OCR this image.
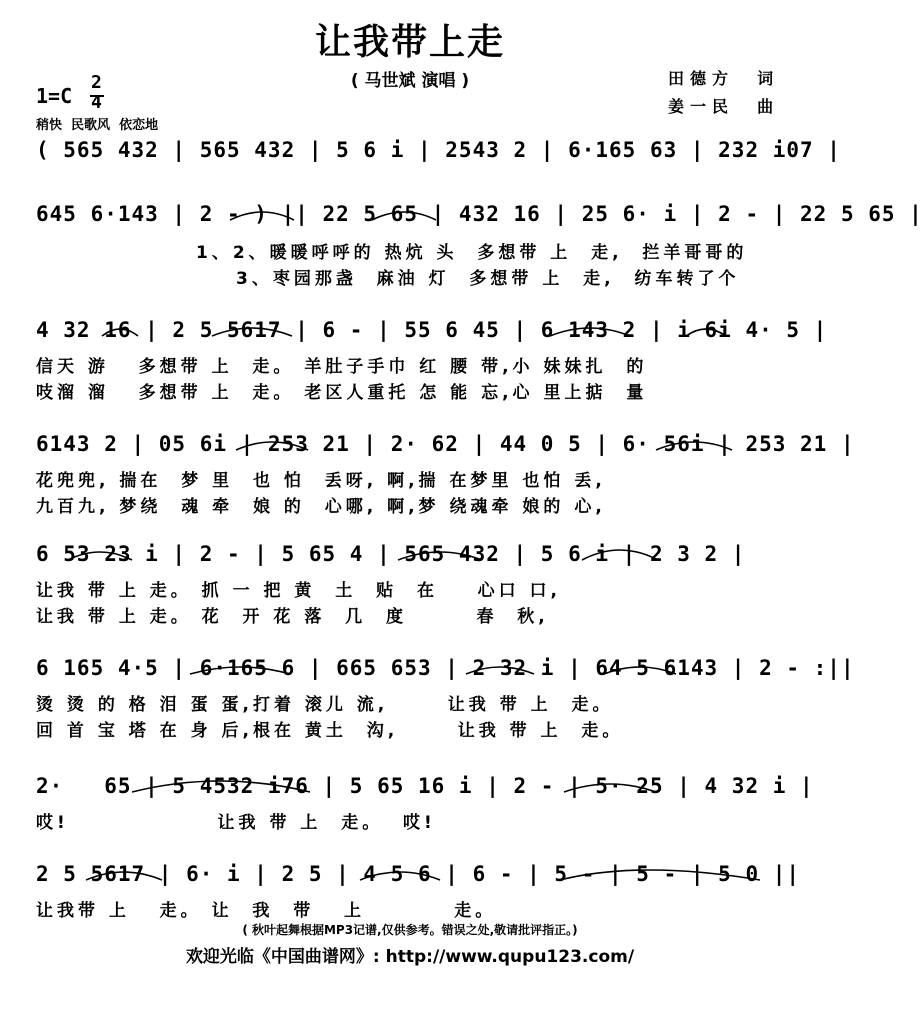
让我带上走
( 马世斌 演唱 )	田德方  词
姜一民  曲
1=C
2
4
稍快  民歌风  依恋地
( 565 432 | 565 432 | 5 6 i | 2543 2 | 6·165 63 | 232 i07 |
645 6·143 | 2 - ) || 22 5 65 | 432 16 | 25 6· i | 2 - | 22 5 65 |
1、2、暖暖呼呼的 热炕 头  多想带 上  走,  拦羊哥哥的
3、枣园那盏  麻油 灯  多想带 上  走,  纺车转了个
4 32 16 | 2 5 5617 | 6 - | 55 6 45 | 6 143 2 | i 6i 4· 5 |
信天 游   多想带 上  走。 羊肚子手巾 红 腰 带,小 妹妹扎  的
吱溜 溜   多想带 上  走。 老区人重托 怎 能 忘,心 里上掂  量
6143 2 | 05 6i | 253 21 | 2· 62 | 44 0 5 | 6· 56i | 253 21 |
花兜兜, 揣在  梦 里  也 怕  丢呀, 啊,揣 在梦里 也怕 丢,
九百九, 梦绕  魂 牵  娘 的  心哪, 啊,梦 绕魂牵 娘的 心,
6 53 23 i | 2 - | 5 65 4 | 565 432 | 5 6 i | 2 3 2 |
让我 带 上 走。 抓 一 把 黄  土  贴  在    心口 口,
让我 带 上 走。 花  开 花 落  几  度       春  秋,
6 165 4·5 | 6·165 6 | 665 653 | 2 32 i | 64 5 6143 | 2 - :||
烫 烫 的 格 泪 蛋 蛋,打着 滚儿 流,      让我 带 上  走。
回 首 宝 塔 在 身 后,根在 黄土  沟,      让我 带 上  走。
2·   65 | 5 4532 i76 | 5 65 16 i | 2 - | 5· 25 | 4 32 i |
哎!               让我 带 上  走。  哎!
2 5 5617 | 6· i | 2 5 | 4 5 6 | 6 - | 5 - | 5 - | 5 0 ||
让我带 上   走。 让  我  带   上         走。
( 秋叶起舞根据MP3记谱,仅供参考。错误之处,敬请批评指正。)
欢迎光临《中国曲谱网》: http://www.qupu123.com/
